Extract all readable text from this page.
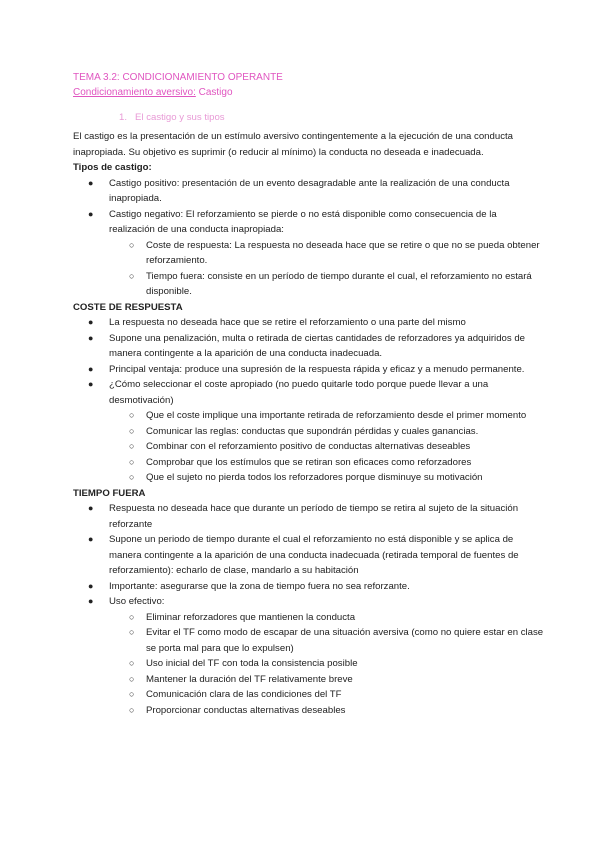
TEMA 3.2: CONDICIONAMIENTO OPERANTE
Condicionamiento aversivo: Castigo
1. El castigo y sus tipos

El castigo es la presentación de un estímulo aversivo contingentemente a la ejecución de una conducta inapropiada. Su objetivo es suprimir (o reducir al mínimo) la conducta no deseada e inadecuada.

Tipos de castigo:

● Castigo positivo: presentación de un evento desagradable ante la realización de una conducta inapropiada.
● Castigo negativo: El reforzamiento se pierde o no está disponible como consecuencia de la realización de una conducta inapropiada:
○ Coste de respuesta: La respuesta no deseada hace que se retire o que no se pueda obtener reforzamiento.
○ Tiempo fuera: consiste en un período de tiempo durante el cual, el reforzamiento no estará disponible.

COSTE DE RESPUESTA

● La respuesta no deseada hace que se retire el reforzamiento o una parte del mismo
● Supone una penalización, multa o retirada de ciertas cantidades de reforzadores ya adquiridos de manera contingente a la aparición de una conducta inadecuada.
● Principal ventaja: produce una supresión de la respuesta rápida y eficaz y a menudo permanente.
● ¿Cómo seleccionar el coste apropiado (no puedo quitarle todo porque puede llevar a una desmotivación)
○ Que el coste implique una importante retirada de reforzamiento desde el primer momento
○ Comunicar las reglas: conductas que supondrán pérdidas y cuales ganancias.
○ Combinar con el reforzamiento positivo de conductas alternativas deseables
○ Comprobar que los estímulos que se retiran son eficaces como reforzadores
○ Que el sujeto no pierda todos los reforzadores porque disminuye su motivación

TIEMPO FUERA

● Respuesta no deseada hace que durante un período de tiempo se retira al sujeto de la situación reforzante
● Supone un periodo de tiempo durante el cual el reforzamiento no está disponible y se aplica de manera contingente a la aparición de una conducta inadecuada (retirada temporal de fuentes de reforzamiento): echarlo de clase, mandarlo a su habitación
● Importante: asegurarse que la zona de tiempo fuera no sea reforzante.
● Uso efectivo:
○ Eliminar reforzadores que mantienen la conducta
○ Evitar el TF como modo de escapar de una situación aversiva (como no quiere estar en clase se porta mal para que lo expulsen)
○ Uso inicial del TF con toda la consistencia posible
○ Mantener la duración del TF relativamente breve
○ Comunicación clara de las condiciones del TF
○ Proporcionar conductas alternativas deseables
